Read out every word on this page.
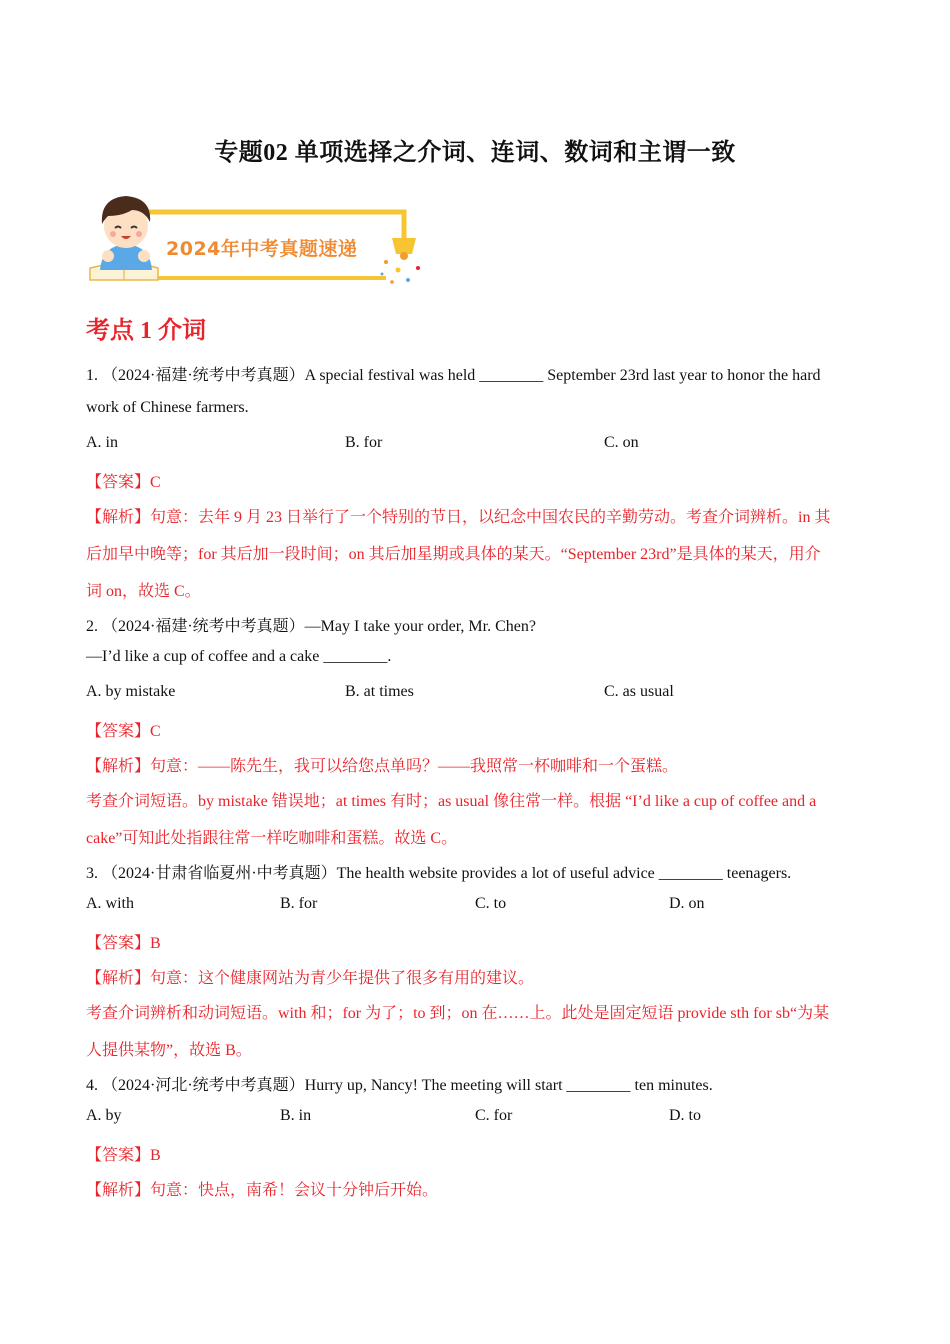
专题02 单项选择之介词、连词、数词和主谓一致
2024年中考真题速递
考点 1 介词
1. （2024·福建·统考中考真题）A special festival was held ________ September 23rd last year to honor the hard
work of Chinese farmers.
A. in	B. for	C. on
【答案】C
【解析】句意：去年 9 月 23 日举行了一个特别的节日，以纪念中国农民的辛勤劳动。考查介词辨析。in 其
后加早中晚等；for 其后加一段时间；on 其后加星期或具体的某天。“September 23rd”是具体的某天，用介
词 on，故选 C。
2. （2024·福建·统考中考真题）—May I take your order, Mr. Chen?
—I’d like a cup of coffee and a cake ________.
A. by mistake	B. at times	C. as usual
【答案】C
【解析】句意：——陈先生，我可以给您点单吗？——我照常一杯咖啡和一个蛋糕。
考查介词短语。by mistake 错误地；at times 有时；as usual 像往常一样。根据 “I’d like a cup of coffee and a
cake”可知此处指跟往常一样吃咖啡和蛋糕。故选 C。
3. （2024·甘肃省临夏州·中考真题）The health website provides a lot of useful advice ________ teenagers.
A. with	B. for	C. to	D. on
【答案】B
【解析】句意：这个健康网站为青少年提供了很多有用的建议。
考查介词辨析和动词短语。with 和；for 为了；to 到；on 在……上。此处是固定短语 provide sth for sb“为某
人提供某物”，故选 B。
4. （2024·河北·统考中考真题）Hurry up, Nancy! The meeting will start ________ ten minutes.
A. by	B. in	C. for	D. to
【答案】B
【解析】句意：快点，南希！会议十分钟后开始。
